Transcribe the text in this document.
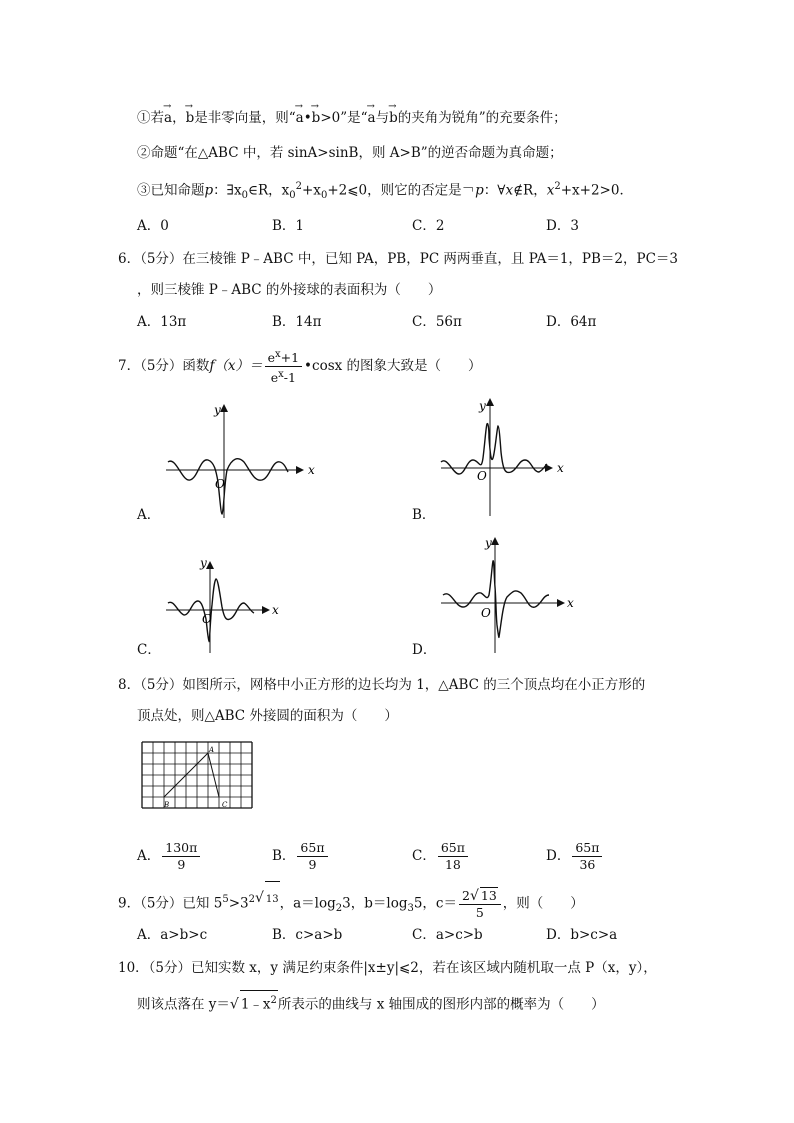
①若→ a，→ b是非零向量，则“→ a•→ b>0”是“→ a与→ b的夹角为锐角”的充要条件；
②命题“在△ABC 中，若 sinA>sinB，则 A>B”的逆否命题为真命题；
③已知命题p：$\exists x_0\in R$，$x_0^2+x_0+2⩽0$，则它的否定是￢p：∀x∉R，$x^2+x+2>0$．
A．0	B．1	C．2	D．3
6．（5分）在三棱锥 P﹣ABC 中，已知 PA，PB，PC 两两垂直，且 PA＝1，PB＝2，PC＝3
，则三棱锥 P﹣ABC 的外接球的表面积为（　　）
A．13π	B．14π	C．56π	D．64π
7．（5分）函数$f(x)= \frac{e^x+1}{e^x-1}$ •cosx 的图象大致是（　　）
O
x
y
A．
O
x
y
B．
O
x
y
C．
O
x
y
D．
8．（5分）如图所示，网格中小正方形的边长均为 1，△ABC 的三个顶点均在小正方形的
顶点处，则△ABC 外接圆的面积为（　　）
A
B	C
A． $\frac{130\pi}{9}$	B． $\frac{65\pi}{9}$	C． $\frac{65\pi}{18}$	D． $\frac{65\pi}{36}$
9．（5分）已知 $5^5>3^{2√ 13}$，$a=\log_23$，$b=\log_35$，$c= \frac{2√ 13}{5}$ ，则（　　）
A．a>b>c	B．c>a>b	C．a>c>b	D．b>c>a
10．（5分）已知实数 x，y 满足约束条件|x±y|⩽2，若在该区域内随机取一点 P（x，y），
则该点落在 y＝√ $1﹣x^2$所表示的曲线与 x 轴围成的图形内部的概率为（　　）
